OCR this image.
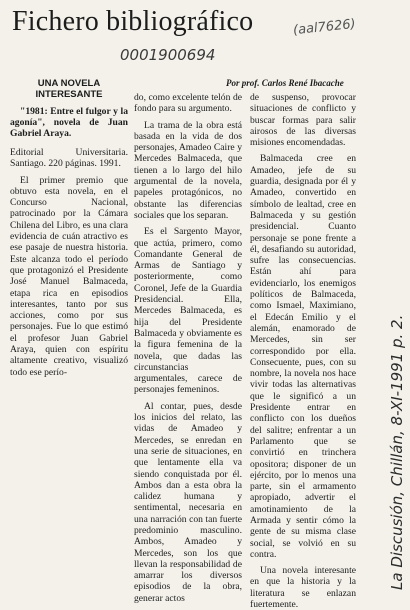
Fichero bibliográfico	(aal7626)
0001900694
Por prof. Carlos René Ibacache
UNA NOVELA INTERESANTE
"1981: Entre el fulgor y la agonía", novela de Juan Gabriel Araya.

Editorial Universitaria. Santiago. 220 páginas. 1991.

El primer premio que obtuvo esta novela, en el Concurso Nacional, patrocinado por la Cámara Chilena del Libro, es una clara evidencia de cuán atractivo es ese pasaje de nuestra historia. Este alcanza todo el período que protagonizó el Presidente José Manuel Balmaceda, etapa rica en episodios interesantes, tanto por sus acciones, como por sus personajes. Fue lo que estimó el profesor Juan Gabriel Araya, quien con espíritu altamente creativo, visualizó todo ese perío-

do, como excelente telón de fondo para su argumento.

La trama de la obra está basada en la vida de dos personajes, Amadeo Caire y Mercedes Balmaceda, que tienen a lo largo del hilo argumental de la novela, papeles protagónicos, no obstante las diferencias sociales que los separan.

Es el Sargento Mayor, que actúa, primero, como Comandante General de Armas de Santiago y posteriormente, como Coronel, Jefe de la Guardia Presidencial. Ella, Mercedes Balmaceda, es hija del Presidente Balmaceda y obviamente es la figura femenina de la novela, que dadas las circunstancias argumentales, carece de personajes femeninos.

Al contar, pues, desde los inicios del relato, las vidas de Amadeo y Mercedes, se enredan en una serie de situaciones, en que lentamente ella va siendo conquistada por él. Ambos dan a esta obra la calidez humana y sentimental, necesaria en una narración con tan fuerte predominio masculino. Ambos, Amadeo y Mercedes, son los que llevan la responsabilidad de amarrar los diversos episodios de la obra, generar actos

de suspenso, provocar situaciones de conflicto y buscar formas para salir airosos de las diversas misiones encomendadas.

Balmaceda cree en Amadeo, jefe de su guardia, designada por él y Amadeo, convertido en símbolo de lealtad, cree en Balmaceda y su gestión presidencial. Cuanto personaje se pone frente a él, desafiando su autoridad, sufre las consecuencias. Están ahí para evidenciarlo, los enemigos políticos de Balmaceda, como Ismael, Maximiano, el Edecán Emilio y el alemán, enamorado de Mercedes, sin ser correspondido por ella. Consecuente, pues, con su nombre, la novela nos hace vivir todas las alternativas que le significó a un Presidente entrar en conflicto con los dueños del salitre; enfrentar a un Parlamento que se convirtió en trinchera opositora; disponer de un ejército, por lo menos una parte, sin el armamento apropiado, advertir el amotinamiento de la Armada y sentir cómo la gente de su misma clase social, se volvió en su contra.

Una novela interesante en que la historia y la literatura se enlazan fuertemente.

La Discusión, Chillán, 8-XI-1991 p. 2.
